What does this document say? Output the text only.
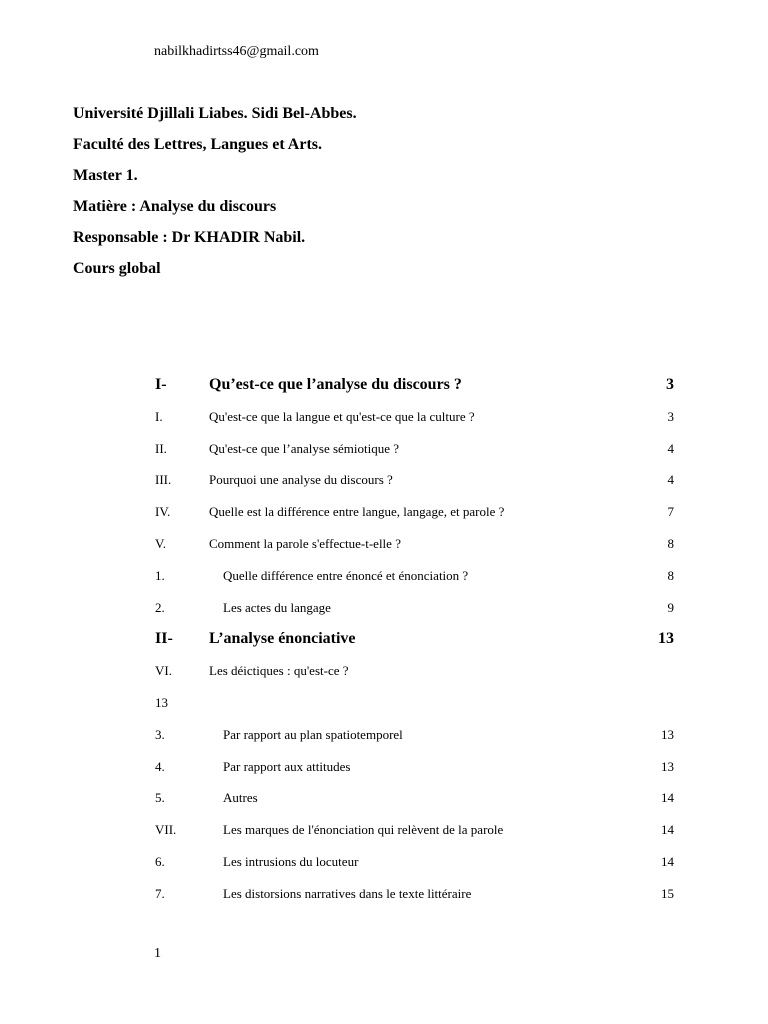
nabilkhadirtss46@gmail.com
Université Djillali Liabes. Sidi Bel-Abbes.
Faculté des Lettres, Langues et Arts.
Master 1.
Matière : Analyse du discours
Responsable : Dr KHADIR Nabil.
Cours global
I-	Qu’est-ce que l’analyse du discours ?	3
I.	Qu'est-ce que la langue et qu'est-ce que la culture ?	3
II.	Qu'est-ce que l’analyse sémiotique ?	4
III.	Pourquoi une analyse du discours ?	4
IV.	Quelle est la différence entre langue, langage, et parole ?	7
V.	Comment la parole s'effectue-t-elle ?	8
1.	Quelle différence entre énoncé et énonciation ?	8
2.	Les actes du langage	9
II- L’analyse énonciative	13
VI.	Les déictiques : qu'est-ce ?
13
3.	Par rapport au plan spatiotemporel	13
4.	Par rapport aux attitudes	13
5.	Autres	14
VII.	Les marques de l'énonciation qui relèvent de la parole	14
6.	Les intrusions du locuteur	14
7.	Les distorsions narratives dans le texte littéraire	15
1
